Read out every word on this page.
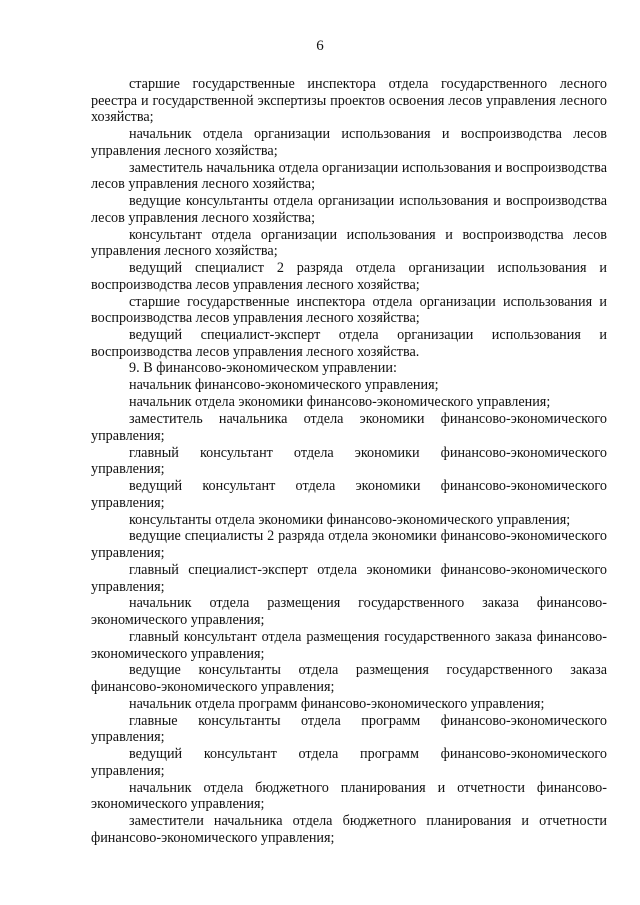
6

старшие государственные инспектора отдела государственного лесного реестра и государственной экспертизы проектов освоения лесов управления лесного хозяйства;

начальник отдела организации использования и воспроизводства лесов управления лесного хозяйства;

заместитель начальника отдела организации использования и воспроизводства лесов управления лесного хозяйства;

ведущие консультанты отдела организации использования и воспроизводства лесов управления лесного хозяйства;

консультант отдела организации использования и воспроизводства лесов управления лесного хозяйства;

ведущий специалист 2 разряда отдела организации использования и воспроизводства лесов управления лесного хозяйства;

старшие государственные инспектора отдела организации использования и воспроизводства лесов управления лесного хозяйства;

ведущий специалист-эксперт отдела организации использования и воспроизводства лесов управления лесного хозяйства.

9. В финансово-экономическом управлении:

начальник финансово-экономического управления;

начальник отдела экономики финансово-экономического управления;

заместитель начальника отдела экономики финансово-экономического управления;

главный консультант отдела экономики финансово-экономического управления;

ведущий консультант отдела экономики финансово-экономического управления;

консультанты отдела экономики финансово-экономического управления;

ведущие специалисты 2 разряда отдела экономики финансово-экономического управления;

главный специалист-эксперт отдела экономики финансово-экономического управления;

начальник отдела размещения государственного заказа финансово-экономического управления;

главный консультант отдела размещения государственного заказа финансово-экономического управления;

ведущие консультанты отдела размещения государственного заказа финансово-экономического управления;

начальник отдела программ финансово-экономического управления;

главные консультанты отдела программ финансово-экономического управления;

ведущий консультант отдела программ финансово-экономического управления;

начальник отдела бюджетного планирования и отчетности финансово-экономического управления;

заместители начальника отдела бюджетного планирования и отчетности финансово-экономического управления;
